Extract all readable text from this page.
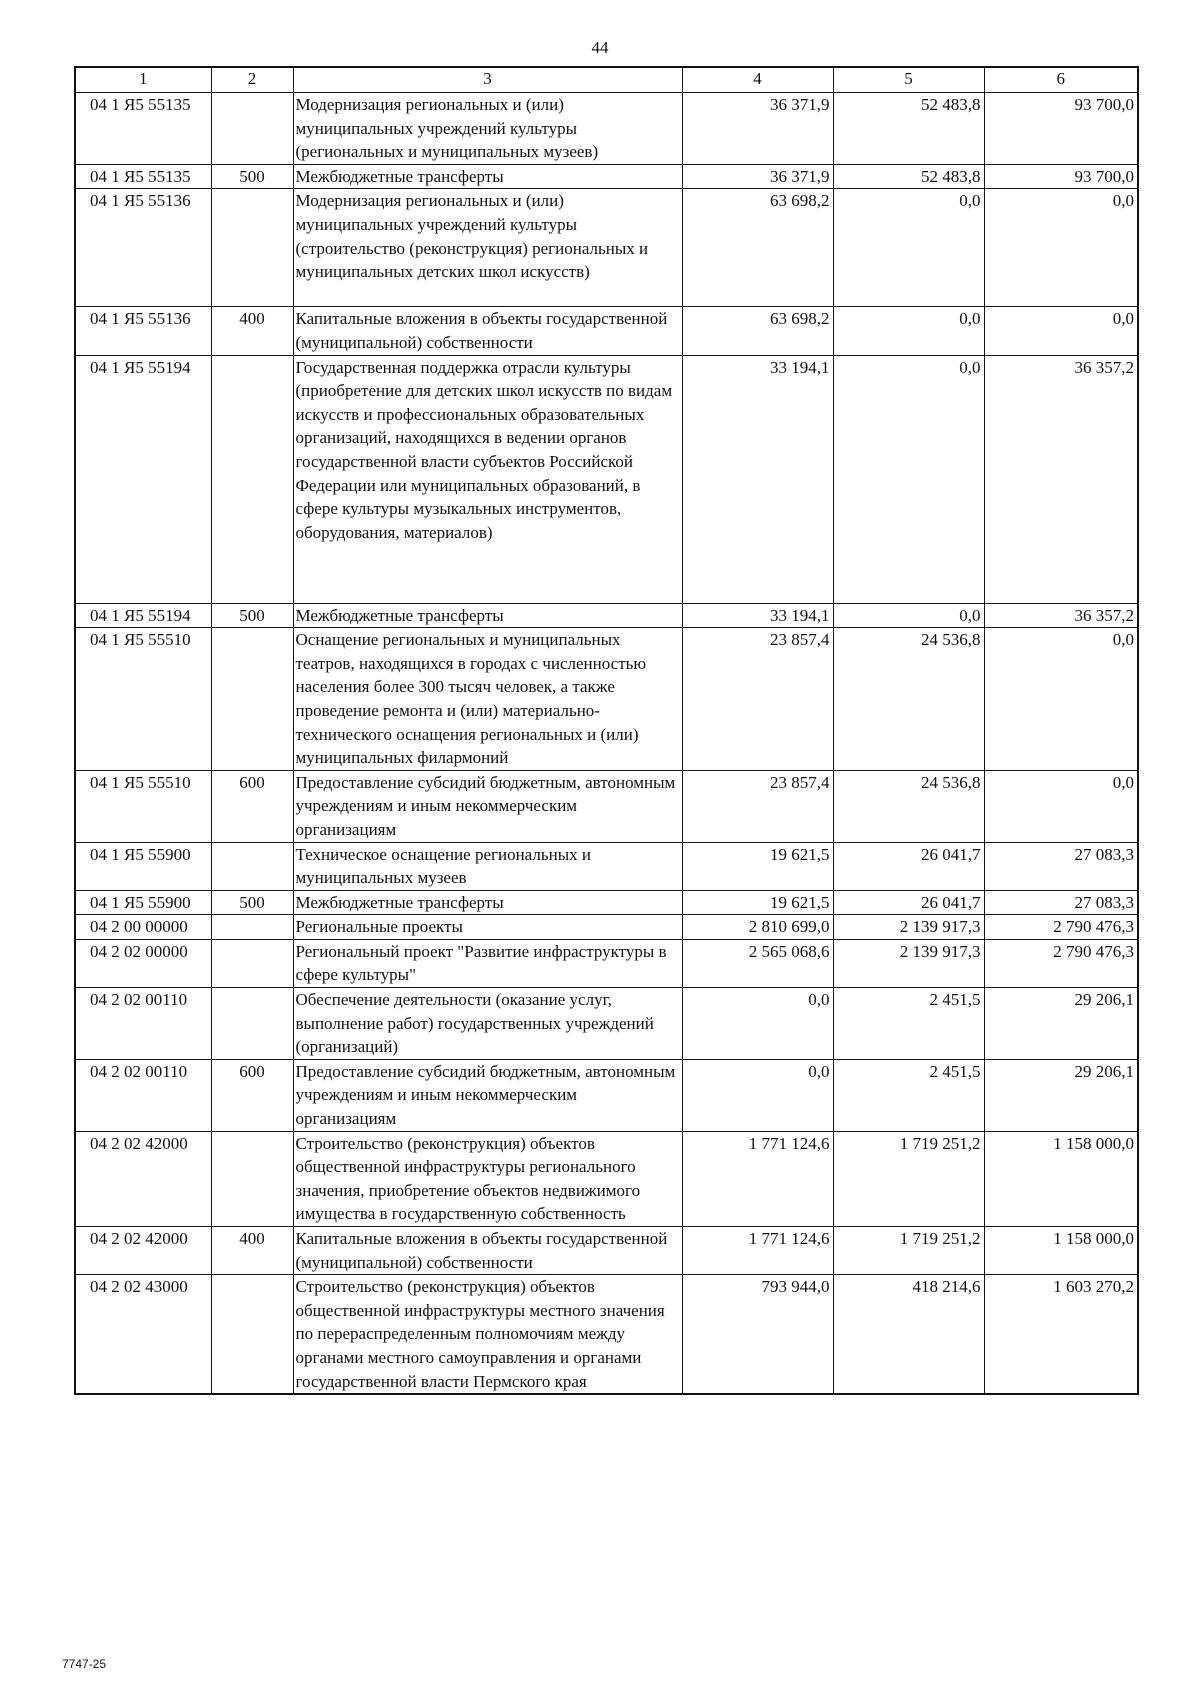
44
1	2	3	4	5	6
04 1 Я5 55135		Модернизация региональных и (или) муниципальных учреждений культуры (региональных и муниципальных музеев)	36 371,9	52 483,8	93 700,0
04 1 Я5 55135	500	Межбюджетные трансферты	36 371,9	52 483,8	93 700,0
04 1 Я5 55136		Модернизация региональных и (или) муниципальных учреждений культуры (строительство (реконструкция) региональных и муниципальных детских школ искусств)	63 698,2	0,0	0,0
04 1 Я5 55136	400	Капитальные вложения в объекты государственной (муниципальной) собственности	63 698,2	0,0	0,0
04 1 Я5 55194		Государственная поддержка отрасли культуры (приобретение для детских школ искусств по видам искусств и профессиональных образовательных организаций, находящихся в ведении органов государственной власти субъектов Российской Федерации или муниципальных образований, в сфере культуры музыкальных инструментов, оборудования, материалов)	33 194,1	0,0	36 357,2
04 1 Я5 55194	500	Межбюджетные трансферты	33 194,1	0,0	36 357,2
04 1 Я5 55510		Оснащение региональных и муниципальных театров, находящихся в городах с численностью населения более 300 тысяч человек, а также проведение ремонта и (или) материально-технического оснащения региональных и (или) муниципальных филармоний	23 857,4	24 536,8	0,0
04 1 Я5 55510	600	Предоставление субсидий бюджетным, автономным учреждениям и иным некоммерческим организациям	23 857,4	24 536,8	0,0
04 1 Я5 55900		Техническое оснащение региональных и муниципальных музеев	19 621,5	26 041,7	27 083,3
04 1 Я5 55900	500	Межбюджетные трансферты	19 621,5	26 041,7	27 083,3
04 2 00 00000		Региональные проекты	2 810 699,0	2 139 917,3	2 790 476,3
04 2 02 00000		Региональный проект "Развитие инфраструктуры в сфере культуры"	2 565 068,6	2 139 917,3	2 790 476,3
04 2 02 00110		Обеспечение деятельности (оказание услуг, выполнение работ) государственных учреждений (организаций)	0,0	2 451,5	29 206,1
04 2 02 00110	600	Предоставление субсидий бюджетным, автономным учреждениям и иным некоммерческим организациям	0,0	2 451,5	29 206,1
04 2 02 42000		Строительство (реконструкция) объектов общественной инфраструктуры регионального значения, приобретение объектов недвижимого имущества в государственную собственность	1 771 124,6	1 719 251,2	1 158 000,0
04 2 02 42000	400	Капитальные вложения в объекты государственной (муниципальной) собственности	1 771 124,6	1 719 251,2	1 158 000,0
04 2 02 43000		Строительство (реконструкция) объектов общественной инфраструктуры местного значения по перераспределенным полномочиям между органами местного самоуправления и органами государственной власти Пермского края	793 944,0	418 214,6	1 603 270,2
7747-25
